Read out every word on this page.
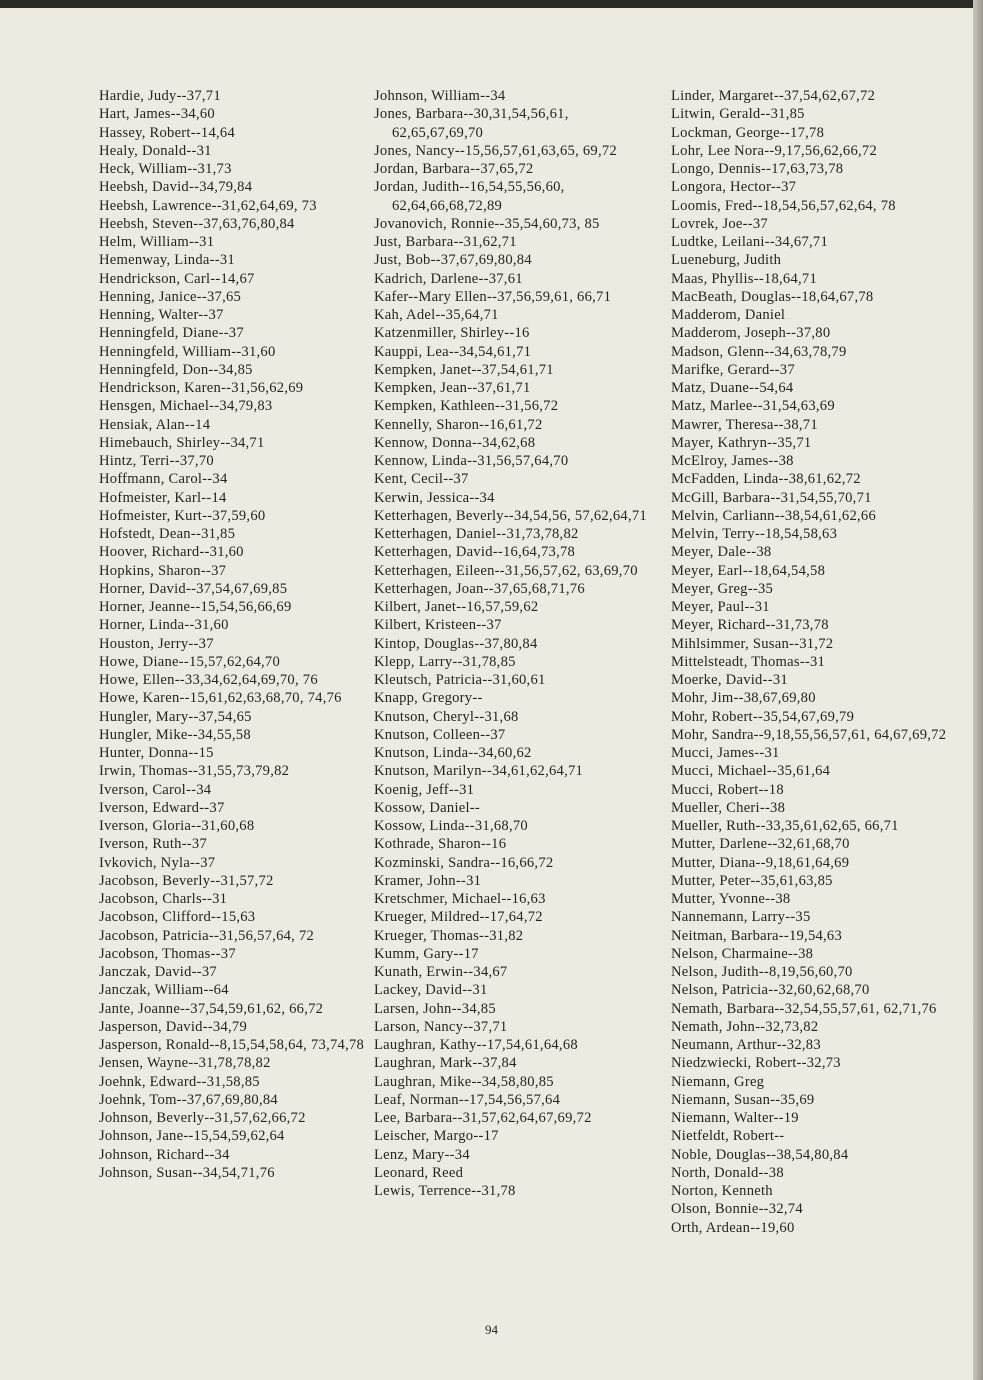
Hardie, Judy--37,71
Hart, James--34,60
Hassey, Robert--14,64
Healy, Donald--31
Heck, William--31,73
Heebsh, David--34,79,84
Heebsh, Lawrence--31,62,64,69, 73
Heebsh, Steven--37,63,76,80,84
Helm, William--31
Hemenway, Linda--31
Hendrickson, Carl--14,67
Henning, Janice--37,65
Henning, Walter--37
Henningfeld, Diane--37
Henningfeld, William--31,60
Henningfeld, Don--34,85
Hendrickson, Karen--31,56,62,69
Hensgen, Michael--34,79,83
Hensiak, Alan--14
Himebauch, Shirley--34,71
Hintz, Terri--37,70
Hoffmann, Carol--34
Hofmeister, Karl--14
Hofmeister, Kurt--37,59,60
Hofstedt, Dean--31,85
Hoover, Richard--31,60
Hopkins, Sharon--37
Horner, David--37,54,67,69,85
Horner, Jeanne--15,54,56,66,69
Horner, Linda--31,60
Houston, Jerry--37
Howe, Diane--15,57,62,64,70
Howe, Ellen--33,34,62,64,69,70, 76
Howe, Karen--15,61,62,63,68,70, 74,76
Hungler, Mary--37,54,65
Hungler, Mike--34,55,58
Hunter, Donna--15
Irwin, Thomas--31,55,73,79,82
Iverson, Carol--34
Iverson, Edward--37
Iverson, Gloria--31,60,68
Iverson, Ruth--37
Ivkovich, Nyla--37
Jacobson, Beverly--31,57,72
Jacobson, Charls--31
Jacobson, Clifford--15,63
Jacobson, Patricia--31,56,57,64, 72
Jacobson, Thomas--37
Janczak, David--37
Janczak, William--64
Jante, Joanne--37,54,59,61,62, 66,72
Jasperson, David--34,79
Jasperson, Ronald--8,15,54,58,64, 73,74,78
Jensen, Wayne--31,78,78,82
Joehnk, Edward--31,58,85
Joehnk, Tom--37,67,69,80,84
Johnson, Beverly--31,57,62,66,72
Johnson, Jane--15,54,59,62,64
Johnson, Richard--34
Johnson, Susan--34,54,71,76
Johnson, William--34
Jones, Barbara--30,31,54,56,61, 62,65,67,69,70
Jones, Nancy--15,56,57,61,63,65, 69,72
Jordan, Barbara--37,65,72
Jordan, Judith--16,54,55,56,60, 62,64,66,68,72,89
Jovanovich, Ronnie--35,54,60,73, 85
Just, Barbara--31,62,71
Just, Bob--37,67,69,80,84
Kadrich, Darlene--37,61
Kafer--Mary Ellen--37,56,59,61, 66,71
Kah, Adel--35,64,71
Katzenmiller, Shirley--16
Kauppi, Lea--34,54,61,71
Kempken, Janet--37,54,61,71
Kempken, Jean--37,61,71
Kempken, Kathleen--31,56,72
Kennelly, Sharon--16,61,72
Kennow, Donna--34,62,68
Kennow, Linda--31,56,57,64,70
Kent, Cecil--37
Kerwin, Jessica--34
Ketterhagen, Beverly--34,54,56, 57,62,64,71
Ketterhagen, Daniel--31,73,78,82
Ketterhagen, David--16,64,73,78
Ketterhagen, Eileen--31,56,57,62, 63,69,70
Ketterhagen, Joan--37,65,68,71,76
Kilbert, Janet--16,57,59,62
Kilbert, Kristeen--37
Kintop, Douglas--37,80,84
Klepp, Larry--31,78,85
Kleutsch, Patricia--31,60,61
Knapp, Gregory--
Knutson, Cheryl--31,68
Knutson, Colleen--37
Knutson, Linda--34,60,62
Knutson, Marilyn--34,61,62,64,71
Koenig, Jeff--31
Kossow, Daniel--
Kossow, Linda--31,68,70
Kothrade, Sharon--16
Kozminski, Sandra--16,66,72
Kramer, John--31
Kretschmer, Michael--16,63
Krueger, Mildred--17,64,72
Krueger, Thomas--31,82
Kumm, Gary--17
Kunath, Erwin--34,67
Lackey, David--31
Larsen, John--34,85
Larson, Nancy--37,71
Laughran, Kathy--17,54,61,64,68
Laughran, Mark--37,84
Laughran, Mike--34,58,80,85
Leaf, Norman--17,54,56,57,64
Lee, Barbara--31,57,62,64,67,69,72
Leischer, Margo--17
Lenz, Mary--34
Leonard, Reed
Lewis, Terrence--31,78
Linder, Margaret--37,54,62,67,72
Litwin, Gerald--31,85
Lockman, George--17,78
Lohr, Lee Nora--9,17,56,62,66,72
Longo, Dennis--17,63,73,78
Longora, Hector--37
Loomis, Fred--18,54,56,57,62,64, 78
Lovrek, Joe--37
Ludtke, Leilani--34,67,71
Lueneburg, Judith
Maas, Phyllis--18,64,71
MacBeath, Douglas--18,64,67,78
Madderom, Daniel
Madderom, Joseph--37,80
Madson, Glenn--34,63,78,79
Marifke, Gerard--37
Matz, Duane--54,64
Matz, Marlee--31,54,63,69
Mawrer, Theresa--38,71
Mayer, Kathryn--35,71
McElroy, James--38
McFadden, Linda--38,61,62,72
McGill, Barbara--31,54,55,70,71
Melvin, Carliann--38,54,61,62,66
Melvin, Terry--18,54,58,63
Meyer, Dale--38
Meyer, Earl--18,64,54,58
Meyer, Greg--35
Meyer, Paul--31
Meyer, Richard--31,73,78
Mihlsimmer, Susan--31,72
Mittelsteadt, Thomas--31
Moerke, David--31
Mohr, Jim--38,67,69,80
Mohr, Robert--35,54,67,69,79
Mohr, Sandra--9,18,55,56,57,61, 64,67,69,72
Mucci, James--31
Mucci, Michael--35,61,64
Mucci, Robert--18
Mueller, Cheri--38
Mueller, Ruth--33,35,61,62,65, 66,71
Mutter, Darlene--32,61,68,70
Mutter, Diana--9,18,61,64,69
Mutter, Peter--35,61,63,85
Mutter, Yvonne--38
Nannemann, Larry--35
Neitman, Barbara--19,54,63
Nelson, Charmaine--38
Nelson, Judith--8,19,56,60,70
Nelson, Patricia--32,60,62,68,70
Nemath, Barbara--32,54,55,57,61, 62,71,76
Nemath, John--32,73,82
Neumann, Arthur--32,83
Niedzwiecki, Robert--32,73
Niemann, Greg
Niemann, Susan--35,69
Niemann, Walter--19
Nietfeldt, Robert--
Noble, Douglas--38,54,80,84
North, Donald--38
Norton, Kenneth
Olson, Bonnie--32,74
Orth, Ardean--19,60
94
